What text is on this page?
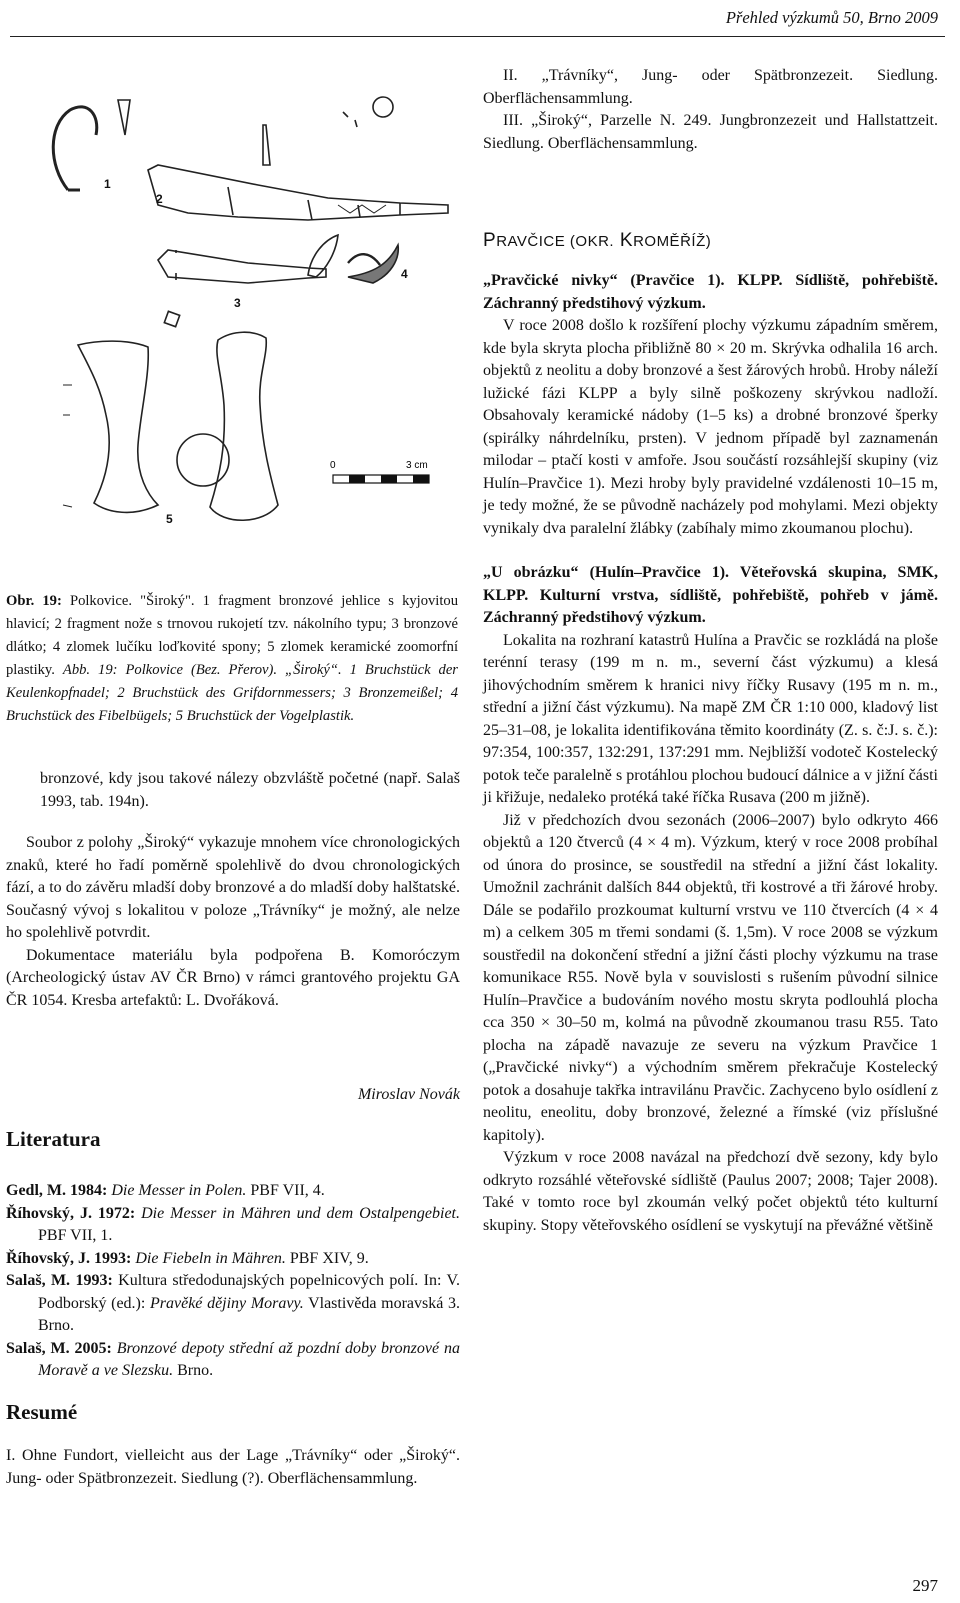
Přehled výzkumů 50, Brno 2009
0	3 cm
1
2
3
4
5
Obr. 19: Polkovice. "Široký". 1 fragment bronzové jehlice s kyjovitou hlavicí; 2 fragment nože s trnovou rukojetí tzv. nákolního typu; 3 bronzové dlátko; 4 zlomek lučíku loďkovité spony; 5 zlomek keramické zoomorfní plastiky. Abb. 19: Polkovice (Bez. Přerov). „Široký“. 1 Bruchstück der Keulenkopfnadel; 2 Bruchstück des Grifdornmessers; 3 Bronzemeißel; 4 Bruchstück des Fibelbügels; 5 Bruchstück der Vogelplastik.
bronzové, kdy jsou takové nálezy obzvláště početné (např. Salaš 1993, tab. 194n).

Soubor z polohy „Široký“ vykazuje mnohem více chronologických znaků, které ho řadí poměrně spolehlivě do dvou chronologických fází, a to do závěru mladší doby bronzové a do mladší doby halštatské. Současný vývoj s lokalitou v poloze „Trávníky“ je možný, ale nelze ho spolehlivě potvrdit.

Dokumentace materiálu byla podpořena B. Komoróczym (Archeologický ústav AV ČR Brno) v rámci grantového projektu GA ČR 1054. Kresba artefaktů: L. Dvořáková.

Miroslav Novák
Literatura

Gedl, M. 1984: Die Messer in Polen. PBF VII, 4.

Říhovský, J. 1972: Die Messer in Mähren und dem Ostalpengebiet. PBF VII, 1.

Říhovský, J. 1993: Die Fiebeln in Mähren. PBF XIV, 9.

Salaš, M. 1993: Kultura středodunajských popelnicových polí. In: V. Podborský (ed.): Pravěké dějiny Moravy. Vlastivěda moravská 3. Brno.

Salaš, M. 2005: Bronzové depoty střední až pozdní doby bronzové na Moravě a ve Slezsku. Brno.

Resumé
I. Ohne Fundort, vielleicht aus der Lage „Trávníky“ oder „Široký“. Jung- oder Spätbronzezeit. Siedlung (?). Oberflächensammlung.

II. „Trávníky“, Jung- oder Spätbronzezeit. Siedlung. Oberflächensammlung.

III. „Široký“, Parzelle N. 249. Jungbronzezeit und Hallstattzeit. Siedlung. Oberflächensammlung.

PRAVČICE (OKR. KROMĚŘÍŽ)

„Pravčické nivky“ (Pravčice 1). KLPP. Sídliště, pohřebiště. Záchranný předstihový výzkum.

V roce 2008 došlo k rozšíření plochy výzkumu západním směrem, kde byla skryta plocha přibližně 80 × 20 m. Skrývka odhalila 16 arch. objektů z neolitu a doby bronzové a šest žárových hrobů. Hroby náleží lužické fázi KLPP a byly silně poškozeny skrývkou nadloží. Obsahovaly keramické nádoby (1–5 ks) a drobné bronzové šperky (spirálky náhrdelníku, prsten). V jednom případě byl zaznamenán milodar – ptačí kosti v amfoře. Jsou součástí rozsáhlejší skupiny (viz Hulín–Pravčice 1). Mezi hroby byly pravidelné vzdálenosti 10–15 m, je tedy možné, že se původně nacházely pod mohylami. Mezi objekty vynikaly dva paralelní žlábky (zabíhaly mimo zkoumanou plochu).

„U obrázku“ (Hulín–Pravčice 1). Věteřovská skupina, SMK, KLPP. Kulturní vrstva, sídliště, pohřebiště, pohřeb v jámě. Záchranný předstihový výzkum.

Lokalita na rozhraní katastrů Hulína a Pravčic se rozkládá na ploše terénní terasy (199 m n. m., severní část výzkumu) a klesá jihovýchodním směrem k hranici nivy říčky Rusavy (195 m n. m., střední a jižní část výzkumu). Na mapě ZM ČR 1:10 000, kladový list 25–31–08, je lokalita identifikována těmito koordináty (Z. s. č:J. s. č.): 97:354, 100:357, 132:291, 137:291 mm. Nejbližší vodoteč Kostelecký potok teče paralelně s protáhlou plochou budoucí dálnice a v jižní části ji křižuje, nedaleko protéká také říčka Rusava (200 m jižně).

Již v předchozích dvou sezonách (2006–2007) bylo odkryto 466 objektů a 120 čtverců (4 × 4 m). Výzkum, který v roce 2008 probíhal od února do prosince, se soustředil na střední a jižní část lokality. Umožnil zachránit dalších 844 objektů, tři kostrové a tři žárové hroby. Dále se podařilo prozkoumat kulturní vrstvu ve 110 čtvercích (4 × 4 m) a celkem 305 m třemi sondami (š. 1,5m). V roce 2008 se výzkum soustředil na dokončení střední a jižní části plochy výzkumu na trase komunikace R55. Nově byla v souvislosti s rušením původní silnice Hulín–Pravčice a budováním nového mostu skryta podlouhlá plocha cca 350 × 30–50 m, kolmá na původně zkoumanou trasu R55. Tato plocha na západě navazuje ze severu na výzkum Pravčice 1 („Pravčické nivky“) a východním směrem překračuje Kostelecký potok a dosahuje takřka intravilánu Pravčic. Zachyceno bylo osídlení z neolitu, eneolitu, doby bronzové, železné a římské (viz příslušné kapitoly).

Výzkum v roce 2008 navázal na předchozí dvě sezony, kdy bylo odkryto rozsáhlé věteřovské sídliště (Paulus 2007; 2008; Tajer 2008). Také v tomto roce byl zkoumán velký počet objektů této kulturní skupiny. Stopy věteřovského osídlení se vyskytují na převážné většině

297
